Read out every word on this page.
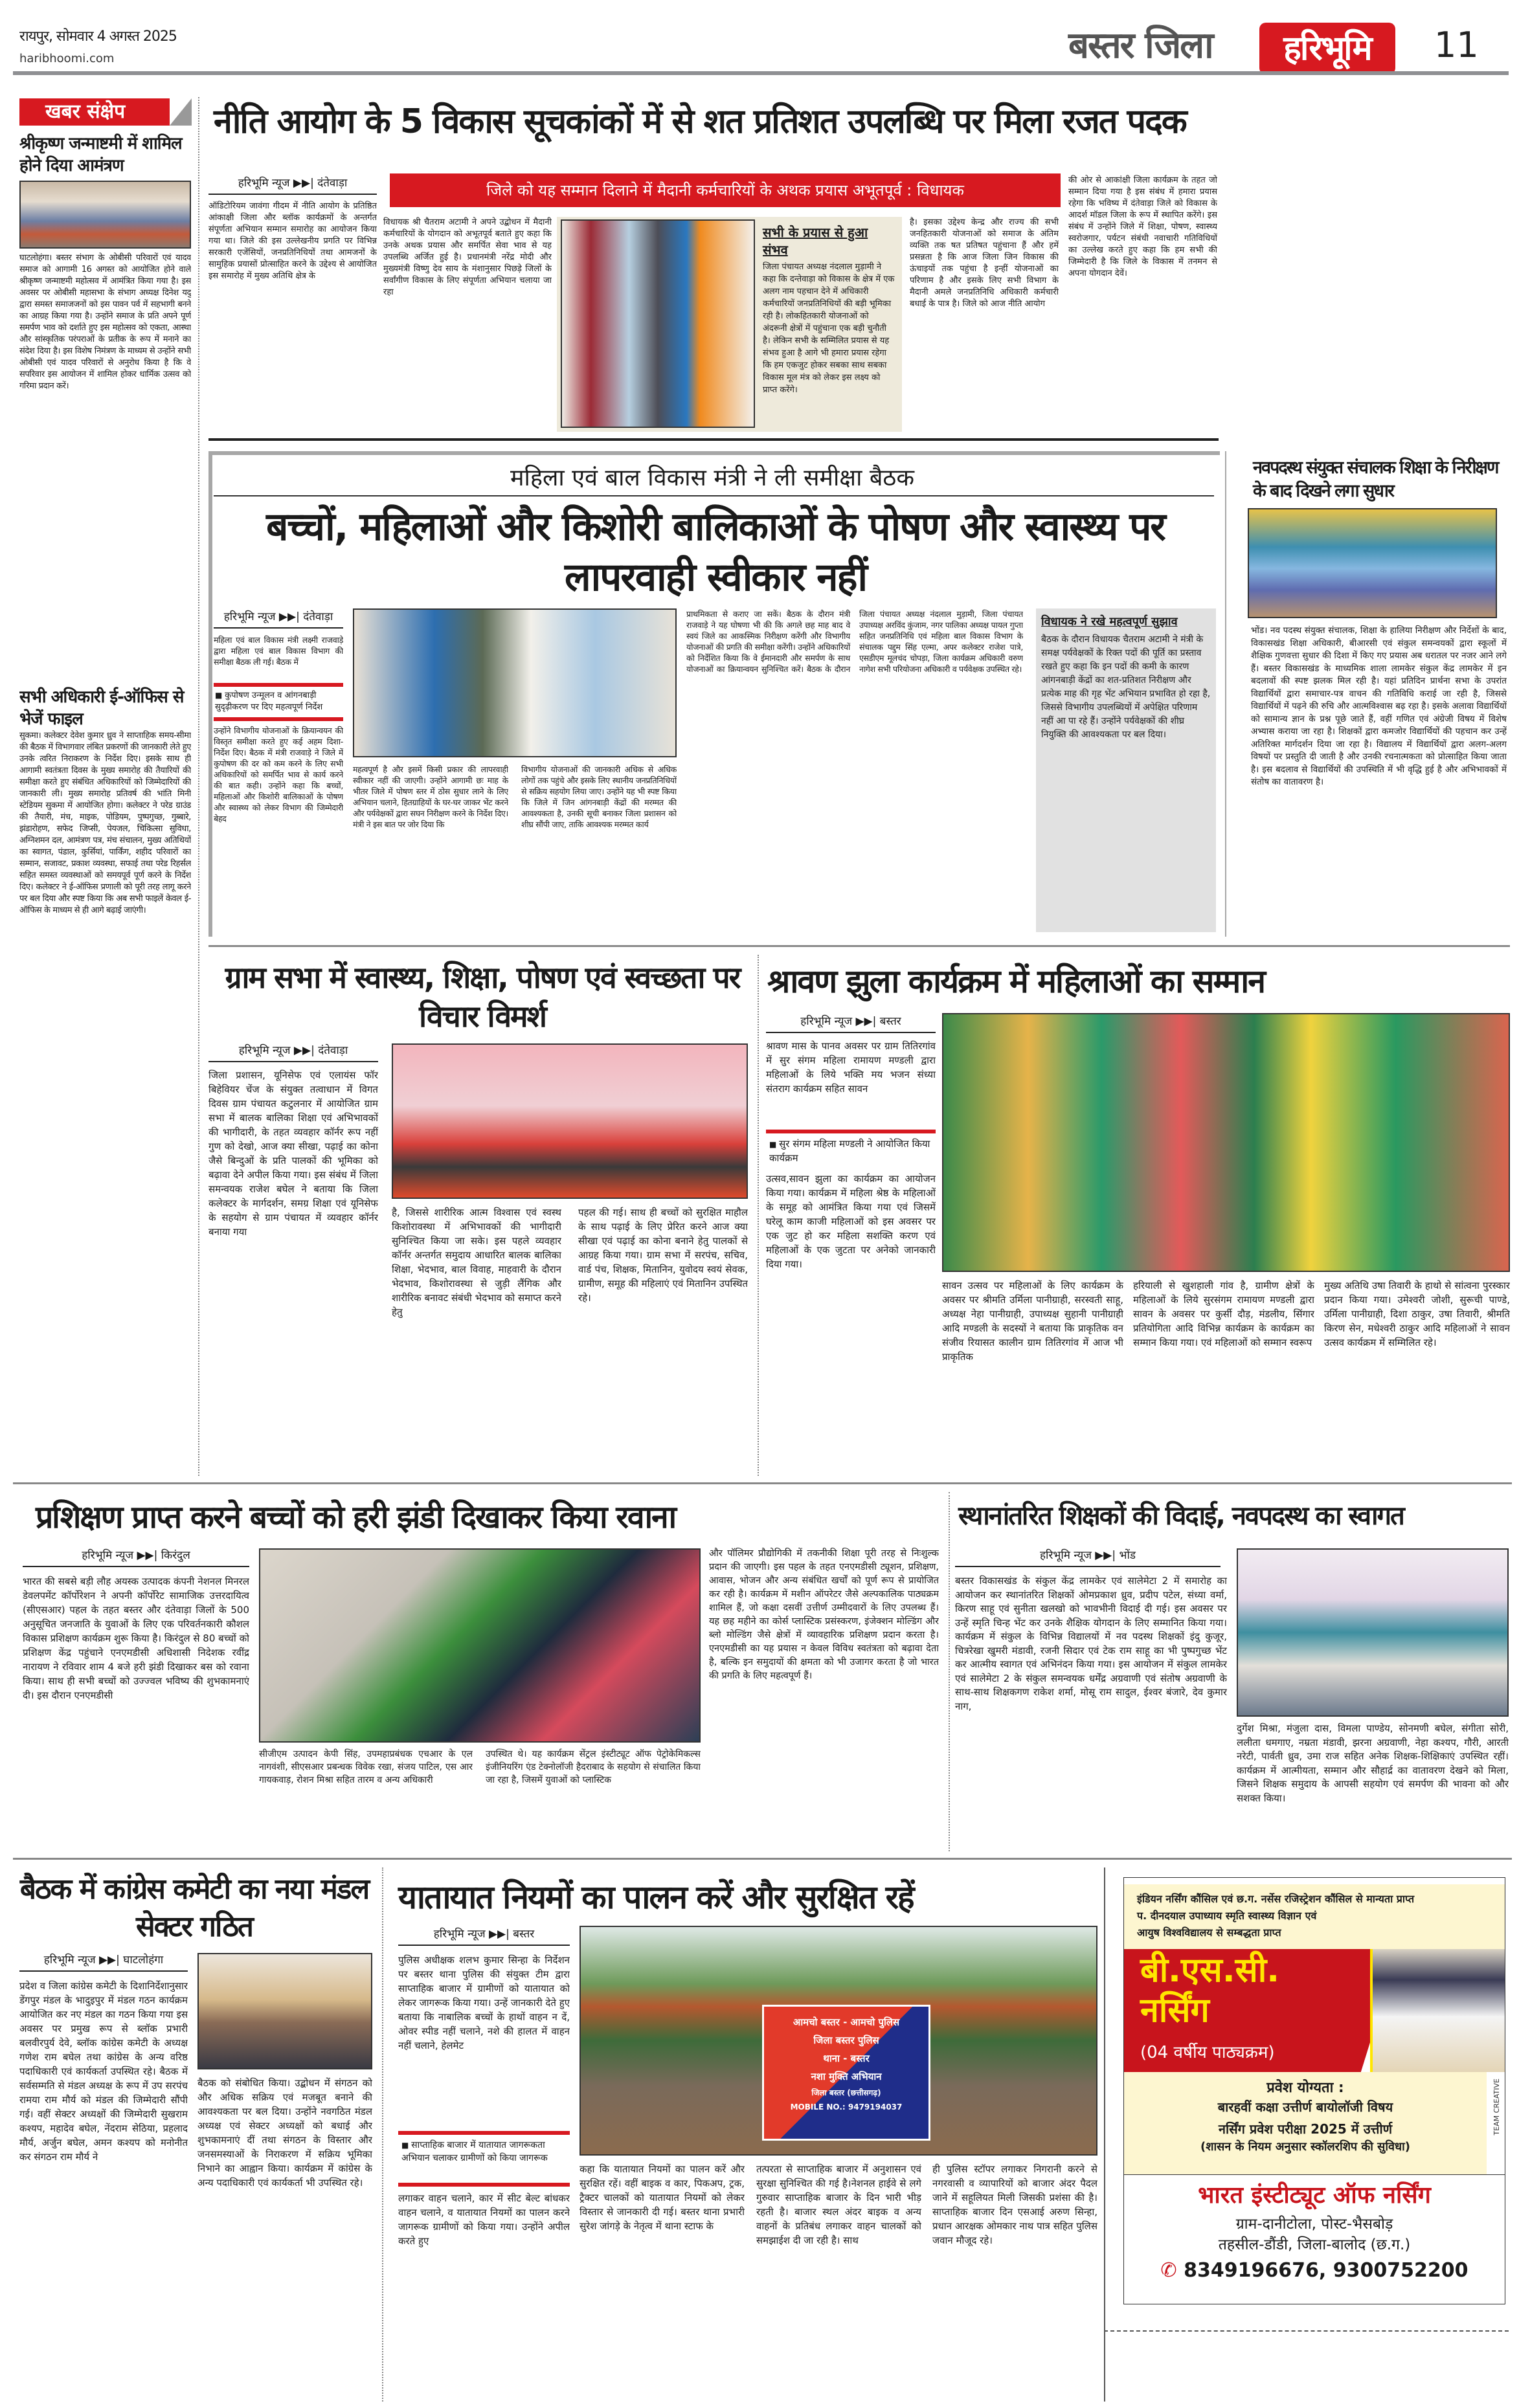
रायपुर, सोमवार 4 अगस्त 2025
haribhoomi.com	बस्तर जिला	हरिभूमि	11
खबर संक्षेप
श्रीकृष्ण जन्माष्टमी में शामिल होने दिया आमंत्रण
घाटलोहंगा। बस्तर संभाग के ओबीसी परिवारों एवं यादव समाज को आगामी 16 अगस्त को आयोजित होने वाले श्रीकृष्ण जन्माष्टमी महोत्सव में आमंत्रित किया गया है। इस अवसर पर ओबीसी महासभा के संभाग अध्यक्ष दिनेश यदु द्वारा समस्त समाजजनों को इस पावन पर्व में सहभागी बनने का आग्रह किया गया है। उन्होंने समाज के प्रति अपने पूर्ण समर्पण भाव को दर्शाते हुए इस महोत्सव को एकता, आस्था और सांस्कृतिक परंपराओं के प्रतीक के रूप में मनाने का संदेश दिया है। इस विशेष निमंत्रण के माध्यम से उन्होंने सभी ओबीसी एवं यादव परिवारों से अनुरोध किया है कि वे सपरिवार इस आयोजन में शामिल होकर धार्मिक उत्सव को गरिमा प्रदान करें।
सभी अधिकारी ई-ऑफिस से भेजें फाइल
सुकमा। कलेक्टर देवेश कुमार ध्रुव ने साप्ताहिक समय-सीमा की बैठक में विभागवार लंबित प्रकरणों की जानकारी लेते हुए उनके त्वरित निराकरण के निर्देश दिए। इसके साथ ही आगामी स्वतंत्रता दिवस के मुख्य समारोह की तैयारियों की समीक्षा करते हुए संबंधित अधिकारियों को जिम्मेदारियों की जानकारी ली। मुख्य समारोह प्रतिवर्ष की भांति मिनी स्टेडियम सुकमा में आयोजित होगा। कलेक्टर ने परेड ग्राउंड की तैयारी, मंच, माइक, पोडियम, पुष्पगुच्छ, गुब्बारे, झंडारोहण, सफेद जिप्सी, पेयजल, चिकित्सा सुविधा, अग्निशमन दल, आमंत्रण पत्र, मंच संचालन, मुख्य अतिथियों का स्वागत, पंडाल, कुर्सियां, पार्किंग, शहीद परिवारों का सम्मान, सजावट, प्रकाश व्यवस्था, सफाई तथा परेड रिहर्सल सहित समस्त व्यवस्थाओं को समयपूर्व पूर्ण करने के निर्देश दिए। कलेक्टर ने ई-ऑफिस प्रणाली को पूरी तरह लागू करने पर बल दिया और स्पष्ट किया कि अब सभी फाइलें केवल ई-ऑफिस के माध्यम से ही आगे बढ़ाई जाएंगी।
नीति आयोग के 5 विकास सूचकांकों में से शत प्रतिशत उपलब्धि पर मिला रजत पदक
हरिभूमि न्यूज ▶▶| दंतेवाड़ा	जिले को यह सम्मान दिलाने में मैदानी कर्मचारियों के अथक प्रयास अभूतपूर्व : विधायक
ऑडिटोरियम जावंगा गीदम में नीति आयोग के प्रतिष्ठित आंकाक्षी जिला और ब्लॉक कार्यक्रमों के अन्तर्गत संपूर्णता अभियान सम्मान समारोह का आयोजन किया गया था। जिले की इस उल्लेखनीय प्रगति पर विभिन्न सरकारी एजेंसियों, जनप्रतिनिधियों तथा आमजनों के सामुहिक प्रयासों प्रोत्साहित करने के उद्देश्य से आयोजित इस समारोह में मुख्य अतिथि क्षेत्र के
विधायक श्री चैतराम अटामी ने अपने उद्बोधन में मैदानी कर्मचारियों के योगदान को अभूतपूर्व बताते हुए कहा कि उनके अथक प्रयास और समर्पित सेवा भाव से यह उपलब्धि अर्जित हुई है। प्रधानमंत्री नरेंद्र मोदी और मुख्यमंत्री विष्णु देव साय के मंशानुसार पिछड़े जिलों के सर्वांगीण विकास के लिए संपूर्णता अभियान चलाया जा रहा
सभी के प्रयास से हुआ संभव
जिला पंचायत अध्यक्ष नंदलाल मुड़ामी ने कहा कि दन्तेवाड़ा को विकास के क्षेत्र में एक अलग नाम पहचान देने में अधिकारी कर्मचारियों जनप्रतिनिधियों की बड़ी भूमिका रही है। लोकहितकारी योजनाओं को अंदरूनी क्षेत्रों में पहुंचाना एक बड़ी चुनौती है। लेकिन सभी के सम्मिलित प्रयास से यह संभव हुआ है आगे भी हमारा प्रयास रहेगा कि हम एकजुट होकर सबका साथ सबका विकास मूल मंत्र को लेकर इस लक्ष्य को प्राप्त करेंगे।
है। इसका उद्देश्य केन्द्र और राज्य की सभी जनहितकारी योजनाओं को समाज के अंतिम व्यक्ति तक षत प्रतिषत पहुंचाना हैं और हमें प्रसन्नता है कि आज जिला जिन विकास की ऊंचाइयों तक पहुंचा है इन्हीं योजनाओं का परिणाम है और इसके लिए सभी विभाग के मैदानी अमले जनप्रतिनिधि अधिकारी कर्मचारी बधाई के पात्र है। जिले को आज नीति आयोग
की ओर से आकांक्षी जिला कार्यक्रम के तहत जो सम्मान दिया गया है इस संबंध में हमारा प्रयास रहेगा कि भविष्य में दंतेवाड़ा जिले को विकास के आदर्श मॉडल जिला के रूप में स्थापित करेंगे। इस संबंध में उन्होंने जिले में शिक्षा, पोषण, स्वास्थ्य स्वरोजगार, पर्यटन संबंधी नवाचारी गतिविधियों का उल्लेख करते हुए कहा कि हम सभी की जिम्मेदारी है कि जिले के विकास में तनमन से अपना योगदान देवें।
महिला एवं बाल विकास मंत्री ने ली समीक्षा बैठक
बच्चों, महिलाओं और किशोरी बालिकाओं के पोषण और स्वास्थ्य पर लापरवाही स्वीकार नहीं
हरिभूमि न्यूज ▶▶| दंतेवाड़ा
महिला एवं बाल विकास मंत्री लक्ष्मी राजवाड़े द्वारा महिला एवं बाल विकास विभाग की समीक्षा बैठक ली गई। बैठक में
■ कुपोषण उन्मूलन व आंगनबाड़ी सुदृढ़ीकरण पर दिए महत्वपूर्ण निर्देश
उन्होंने विभागीय योजनाओं के क्रियान्वयन की विस्तृत समीक्षा करते हुए कई अहम दिशा-निर्देश दिए। बैठक में मंत्री राजवाड़े ने जिले में कुपोषण की दर को कम करने के लिए सभी अधिकारियों को समर्पित भाव से कार्य करने की बात कही। उन्होंने कहा कि बच्चों, महिलाओं और किशोरी बालिकाओं के पोषण और स्वास्थ्य को लेकर विभाग की जिम्मेदारी बेहद
महत्वपूर्ण है और इसमें किसी प्रकार की लापरवाही स्वीकार नहीं की जाएगी। उन्होंने आगामी छः माह के भीतर जिले में पोषण स्तर में ठोस सुधार लाने के लिए अभियान चलाने, हितग्राहियों के घर-घर जाकर भेंट करने और पर्यवेक्षकों द्वारा सघन निरीक्षण करने के निर्देश दिए। मंत्री ने इस बात पर जोर दिया कि
विभागीय योजनाओं की जानकारी अधिक से अधिक लोगों तक पहुंचे और इसके लिए स्थानीय जनप्रतिनिधियों से सक्रिय सहयोग लिया जाए। उन्होंने यह भी स्पष्ट किया कि जिले में जिन आंगनबाड़ी केंद्रों की मरम्मत की आवश्यकता है, उनकी सूची बनाकर जिला प्रशासन को शीघ्र सौंपी जाए, ताकि आवश्यक मरम्मत कार्य
प्राथमिकता से कराए जा सकें। बैठक के दौरान मंत्री राजवाड़े ने यह घोषणा भी की कि अगले छह माह बाद वे स्वयं जिले का आकस्मिक निरीक्षण करेंगी और विभागीय योजनाओं की प्रगति की समीक्षा करेंगी। उन्होंने अधिकारियों को निर्देशित किया कि वे ईमानदारी और समर्पण के साथ योजनाओं का क्रियान्वयन सुनिश्चित करें। बैठक के दौरान जिला पंचायत अध्यक्ष नंदलाल मुड़ामी, जिला पंचायत उपाध्यक्ष अरविंद कुंजाम, नगर पालिका अध्यक्ष पायल गुप्ता सहित जनप्रतिनिधि एवं महिला बाल विकास विभाग के संचालक पद्दुम सिंह एल्मा, अपर कलेक्टर राजेश पात्रे, एसडीएम मूलचंद चोपड़ा, जिला कार्यक्रम अधिकारी वरुण नागेश सभी परियोजना अधिकारी व पर्यवेक्षक उपस्थित रहे।
विधायक ने रखे महत्वपूर्ण सुझाव
बैठक के दौरान विधायक चैतराम अटामी ने मंत्री के समक्ष पर्यवेक्षकों के रिक्त पदों की पूर्ति का प्रस्ताव रखते हुए कहा कि इन पदों की कमी के कारण आंगनबाड़ी केंद्रों का शत-प्रतिशत निरीक्षण और प्रत्येक माह की गृह भेंट अभियान प्रभावित हो रहा है, जिससे विभागीय उपलब्धियों में अपेक्षित परिणाम नहीं आ पा रहे हैं। उन्होंने पर्यवेक्षकों की शीघ्र नियुक्ति की आवश्यकता पर बल दिया।
नवपदस्थ संयुक्त संचालक शिक्षा के निरीक्षण के बाद दिखने लगा सुधार
भोंड। नव पदस्थ संयुक्त संचालक, शिक्षा के हालिया निरीक्षण और निर्देशों के बाद, विकासखंड शिक्षा अधिकारी, बीआरसी एवं संकुल समन्वयकों द्वारा स्कूलों में शैक्षिक गुणवत्ता सुधार की दिशा में किए गए प्रयास अब धरातल पर नजर आने लगे हैं। बस्तर विकासखंड के माध्यमिक शाला लामकेर संकुल केंद्र लामकेर में इन बदलावों की स्पष्ट झलक मिल रही है। यहां प्रतिदिन प्रार्थना सभा के उपरांत विद्यार्थियों द्वारा समाचार-पत्र वाचन की गतिविधि कराई जा रही है, जिससे विद्यार्थियों में पढ़ने की रुचि और आत्मविश्वास बढ़ रहा है। इसके अलावा विद्यार्थियों को सामान्य ज्ञान के प्रश्न पूछे जाते हैं, वहीं गणित एवं अंग्रेजी विषय में विशेष अभ्यास कराया जा रहा है। शिक्षकों द्वारा कमजोर विद्यार्थियों की पहचान कर उन्हें अतिरिक्त मार्गदर्शन दिया जा रहा है। विद्यालय में विद्यार्थियों द्वारा अलग-अलग विषयों पर प्रस्तुति दी जाती है और उनकी रचनात्मकता को प्रोत्साहित किया जाता है। इस बदलाव से विद्यार्थियों की उपस्थिति में भी वृद्धि हुई है और अभिभावकों में संतोष का वातावरण है।
ग्राम सभा में स्वास्थ्य, शिक्षा, पोषण एवं स्वच्छता पर विचार विमर्श
हरिभूमि न्यूज ▶▶| दंतेवाड़ा
जिला प्रशासन, यूनिसेफ एवं एलायंस फॉर बिहेवियर चेंज के संयुक्त तत्वाधान में विगत दिवस ग्राम पंचायत कटुलनार में आयोजित ग्राम सभा में बालक बालिका शिक्षा एवं अभिभावकों की भागीदारी, के तहत व्यवहार कॉर्नर रूप नहीं गुण को देखो, आज क्या सीखा, पढ़ाई का कोना जैसे बिन्दुओं के प्रति पालकों की भूमिका को बढ़ावा देने अपील किया गया। इस संबंध में जिला समन्वयक राजेश बघेल ने बताया कि जिला कलेक्टर के मार्गदर्शन, समग्र शिक्षा एवं यूनिसेफ के सहयोग से ग्राम पंचायत में व्यवहार कॉर्नर बनाया गया
है, जिससे शारीरिक आत्म विश्वास एवं स्वस्थ किशोरावस्था में अभिभावकों की भागीदारी सुनिश्चित किया जा सके। इस पहले व्यवहार कॉर्नर अन्तर्गत समुदाय आधारित बालक बालिका शिक्षा, भेदभाव, बाल विवाह, माहवारी के दौरान भेदभाव, किशोरावस्था से जुड़ी लैंगिक और शारीरिक बनावट संबंधी भेदभाव को समाप्त करने हेतु
पहल की गई। साथ ही बच्चों को सुरक्षित माहौल के साथ पढ़ाई के लिए प्रेरित करने आज क्या सीखा एवं पढ़ाई का कोना बनाने हेतु पालकों से आग्रह किया गया। ग्राम सभा में सरपंच, सचिव, वार्ड पंच, शिक्षक, मितानिन, युवोदय स्वयं सेवक, ग्रामीण, समूह की महिलाएं एवं मितानिन उपस्थित रहे।
श्रावण झुला कार्यक्रम में महिलाओं का सम्मान
हरिभूमि न्यूज ▶▶| बस्तर
श्रावण मास के पानव अवसर पर ग्राम तितिरगांव में सुर संगम महिला रामायण मण्डली द्वारा महिलाओं के लिये भक्ति मय भजन संध्या संतराग कार्यक्रम सहित सावन
■ सुर संगम महिला मण्डली ने आयोजित किया कार्यक्रम
उत्सव,सावन झुला का कार्यक्रम का आयोजन किया गया। कार्यक्रम में महिला श्रेष्ठ के महिलाओं के समूह को आमंत्रित किया गया एवं जिसमें घरेलू काम काजी महिलाओं को इस अवसर पर एक जुट हो कर महिला सशक्ति करण एवं महिलाओं के एक जुटता पर अनेको जानकारी दिया गया।
सावन उत्सव पर महिलाओं के लिए कार्यक्रम के अवसर पर श्रीमति उर्मिला पानीग्राही, सरस्वती साहू, अध्यक्ष नेहा पानीग्राही, उपाध्यक्ष सुहानी पानीग्राही आदि मण्डली के सदस्यों ने बताया कि प्राकृतिक वन संजीव रियासत कालीन ग्राम तितिरगांव में आज भी प्राकृतिक
हरियाली से खुशहाली गांव है, ग्रामीण क्षेत्रों के महिलाओं के लिये सुरसंगम रामायण मण्डली द्वारा सावन के अवसर पर कुर्सी दौड़, मंडलीय, सिंगार प्रतियोगिता आदि विभिन्न कार्यक्रम के कार्यक्रम का सम्मान किया गया। एवं महिलाओं को सम्मान स्वरूप
मुख्य अतिथि उषा तिवारी के हाथो से सांत्वना पुरस्कार प्रदान किया गया। उमेश्वरी जोशी, सुरूची पाण्डे, उर्मिला पानीग्राही, दिशा ठाकुर, उषा तिवारी, श्रीमति किरण सेन, मधेश्वरी ठाकुर आदि महिलाओं ने सावन उत्सव कार्यक्रम में सम्मिलित रहे।
प्रशिक्षण प्राप्त करने बच्चों को हरी झंडी दिखाकर किया रवाना
हरिभूमि न्यूज ▶▶| किरंदुल
भारत की सबसे बड़ी लौह अयस्क उत्पादक कंपनी नेशनल मिनरल डेवलपमेंट कॉर्पोरेशन ने अपनी कॉर्पोरेट सामाजिक उत्तरदायित्व (सीएसआर) पहल के तहत बस्तर और दंतेवाड़ा जिलों के 500 अनुसूचित जनजाति के युवाओं के लिए एक परिवर्तनकारी कौशल विकास प्रशिक्षण कार्यक्रम शुरू किया है। किरंदुल से 80 बच्चों को प्रशिक्षण केंद्र पहुंचाने एनएमडीसी अधिशासी निदेशक रवींद्र नारायण ने रविवार शाम 4 बजे हरी झंडी दिखाकर बस को रवाना किया। साथ ही सभी बच्चों को उज्ज्वल भविष्य की शुभकामनाएं दी। इस दौरान एनएमडीसी
सीजीएम उत्पादन केपी सिंह, उपमहाप्रबंधक एचआर के एल नागवंशी, सीएसआर प्रबन्धक विवेक रखा, संजय पाटिल, एस आर गायकवाड़, रोशन मिश्रा सहित तारम व अन्य अधिकारी
उपस्थित थे। यह कार्यक्रम सेंट्रल इंस्टीट्यूट ऑफ पेट्रोकेमिकल्स इंजीनियरिंग एंड टेक्नोलॉजी हैदराबाद के सहयोग से संचालित किया जा रहा है, जिसमें युवाओं को प्लास्टिक
और पॉलिमर प्रौद्योगिकी में तकनीकी शिक्षा पूरी तरह से निःशुल्क प्रदान की जाएगी। इस पहल के तहत एनएमडीसी ट्यूशन, प्रशिक्षण, आवास, भोजन और अन्य संबंधित खर्चों को पूर्ण रूप से प्रायोजित कर रही है। कार्यक्रम में मशीन ऑपरेटर जैसे अल्पकालिक पाठ्यक्रम शामिल हैं, जो कक्षा दसवीं उत्तीर्ण उम्मीदवारों के लिए उपलब्ध हैं। यह छह महीने का कोर्स प्लास्टिक प्रसंस्करण, इंजेक्शन मोल्डिंग और ब्लो मोल्डिंग जैसे क्षेत्रों में व्यावहारिक प्रशिक्षण प्रदान करता है। एनएमडीसी का यह प्रयास न केवल विविध स्वतंत्रता को बढ़ावा देता है, बल्कि इन समुदायों की क्षमता को भी उजागर करता है जो भारत की प्रगति के लिए महत्वपूर्ण हैं।
स्थानांतरित शिक्षकों की विदाई, नवपदस्थ का स्वागत
हरिभूमि न्यूज ▶▶| भोंड
बस्तर विकासखंड के संकुल केंद्र लामकेर एवं सालेमेटा 2 में समारोह का आयोजन कर स्थानांतरित शिक्षकों ओमप्रकाश ध्रुव, प्रदीप पटेल, संध्या वर्मा, किरण साहू एवं सुनीता खलखो को भावभीनी विदाई दी गई। इस अवसर पर उन्हें स्मृति चिन्ह भेंट कर उनके शैक्षिक योगदान के लिए सम्मानित किया गया। कार्यक्रम में संकुल के विभिन्न विद्यालयों में नव पदस्थ शिक्षकों इंदु कुजूर, चित्ररेखा खुमरी मंडावी, रजनी सिदार एवं टेक राम साहू का भी पुष्पगुच्छ भेंट कर आत्मीय स्वागत एवं अभिनंदन किया गया। इस आयोजन में संकुल लामकेर एवं सालेमेटा 2 के संकुल समन्वयक धर्मेंद्र अग्रवाणी एवं संतोष अग्रवाणी के साथ-साथ शिक्षकगण राकेश शर्मा, मोसू राम सादुल, ईश्वर बंजारे, देव कुमार नाग,
दुर्गेश मिश्रा, मंजुला दास, विमला पाण्डेय, सोनमणी बघेल, संगीता सोरी, ललीता धमगाए, नम्रता मंडावी, झरना अग्रवाणी, नेहा कश्यप, गौरी, आरती नरेटी, पार्वती ध्रुव, उमा राज सहित अनेक शिक्षक-शिक्षिकाएं उपस्थित रहीं। कार्यक्रम में आत्मीयता, सम्मान और सौहार्द्र का वातावरण देखने को मिला, जिसने शिक्षक समुदाय के आपसी सहयोग एवं समर्पण की भावना को और सशक्त किया।
बैठक में कांग्रेस कमेटी का नया मंडल सेक्टर गठित
हरिभूमि न्यूज ▶▶| घाटलोहंगा
प्रदेश व जिला कांग्रेस कमेटी के दिशानिर्देशानुसार डेंगपुर मंडल के भादुइपुर में मंडल गठन कार्यक्रम आयोजित कर नए मंडल का गठन किया गया इस अवसर पर प्रमुख रूप से ब्लॉक प्रभारी बलवीरपुर्य देवे, ब्लॉक कांग्रेस कमेटी के अध्यक्ष गणेश राम बघेल तथा कांग्रेस के अन्य वरिष्ठ पदाधिकारी एवं कार्यकर्ता उपस्थित रहे। बैठक में सर्वसम्मति से मंडल अध्यक्ष के रूप में उप सरपंच रामया राम मौर्य को मंडल की जिम्मेदारी सौंपी गई। वहीं सेक्टर अध्यक्षों की जिम्मेदारी सुखराम कश्यप, महादेव बघेल, नेंदराम सेठिया, प्रहलाद मौर्य, अर्जुन बघेल, अमन कश्यप को मनोनीत कर संगठन राम मौर्य ने
बैठक को संबोधित किया। उद्बोधन में संगठन को और अधिक सक्रिय एवं मजबूत बनाने की आवश्यकता पर बल दिया। उन्होंने नवगठित मंडल अध्यक्ष एवं सेक्टर अध्यक्षों को बधाई और शुभकामनाएं दीं तथा संगठन के विस्तार और जनसमस्याओं के निराकरण में सक्रिय भूमिका निभाने का आह्वान किया। कार्यक्रम में कांग्रेस के अन्य पदाधिकारी एवं कार्यकर्ता भी उपस्थित रहे।
यातायात नियमों का पालन करें और सुरक्षित रहें
हरिभूमि न्यूज ▶▶| बस्तर
पुलिस अधीक्षक शलभ कुमार सिन्हा के निर्देशन पर बस्तर थाना पुलिस की संयुक्त टीम द्वारा साप्ताहिक बाजार में ग्रामीणों को यातायात को लेकर जागरूक किया गया। उन्हें जानकारी देते हुए बताया कि नाबालिक बच्चों के हाथों वाहन न दें, ओवर स्पीड नहीं चलाने, नशे की हालत में वाहन नहीं चलाने, हेलमेट
■ साप्ताहिक बाजार में यातायात जागरूकता अभियान चलाकर ग्रामीणों को किया जागरूक
लगाकर वाहन चलाने, कार में सीट बेल्ट बांधकर वाहन चलाने, व यातायात नियमों का पालन करने जागरूक ग्रामीणों को किया गया। उन्होंने अपील करते हुए
आमचो बस्तर - आमचो पुलिस
जिला बस्तर पुलिस
थाना - बस्तर
नशा मुक्ति अभियान
जिला बस्तर (छत्तीसगढ़)
MOBILE NO.: 9479194037
कहा कि यातायात नियमों का पालन करें और सुरक्षित रहें। वहीं बाइक व कार, पिकअप, ट्रक, ट्रैक्टर चालकों को यातायात नियमों को लेकर विस्तार से जानकारी दी गई। बस्तर थाना प्रभारी सुरेश जांगड़े के नेतृत्व में थाना स्टाफ के
तत्परता से साप्ताहिक बाजार में अनुशासन एवं सुरक्षा सुनिश्चित की गई है।नेशनल हाईवे से लगे गुरुवार साप्ताहिक बाजार के दिन भारी भीड़ रहती है। बाजार स्थल अंदर बाइक व अन्य वाहनों के प्रतिबंध लगाकर वाहन चालकों को समझाईश दी जा रही है। साथ
ही पुलिस स्टॉपर लगाकर निगरानी करने से नगरवासी व व्यापारियों को बाजार अंदर पैदल जाने में सहूलियत मिली जिसकी प्रशंसा की है। साप्ताहिक बाजार दिन एसआई अरुण सिन्हा, प्रधान आरक्षक ओमकार नाथ पात्र सहित पुलिस जवान मौजूद रहे।
इंडियन नर्सिंग कौंसिल एवं छ.ग. नर्सेस रजिस्ट्रेशन कौंसिल से मान्यता प्राप्त
प. दीनदयाल उपाध्याय स्मृति स्वास्थ्य विज्ञान एवं
आयुष विश्वविद्यालय से सम्बद्धता प्राप्त
बी.एस.सी.
नर्सिंग
(04 वर्षीय पाठ्यक्रम)
प्रवेश योग्यता :
बारहवीं कक्षा उत्तीर्ण बायोलॉजी विषय
नर्सिंग प्रवेश परीक्षा 2025 में उत्तीर्ण
(शासन के नियम अनुसार स्कॉलरशिप की सुविधा)
TEAM CREATIVE
भारत इंस्टीट्यूट ऑफ नर्सिंग
ग्राम-दानीटोला, पोस्ट-भैसबोड़
तहसील-डौंडी, जिला-बालोद (छ.ग.)
✆ 8349196676, 9300752200
